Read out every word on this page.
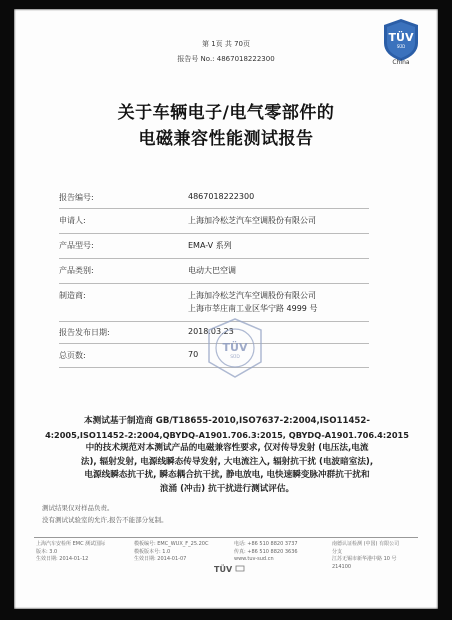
第 1页 共 70页
报告号 No.: 4867018222300
TÜV
SÜD
China
关于车辆电子/电气零部件的
电磁兼容性能测试报告
报告编号:	4867018222300
申请人:	上海加冷松芝汽车空调股份有限公司
产品型号:	EMA-V 系列
产品类别:	电动大巴空调
制造商:	上海加冷松芝汽车空调股份有限公司
上海市莘庄南工业区华宁路 4999 号
报告发布日期:	2018.03.23
总页数:	70
TÜV
SÜD
本测试基于制造商 GB/T18655-2010,ISO7637-2:2004,ISO11452-
4:2005,ISO11452-2:2004,QBYDQ-A1901.706.3:2015, QBYDQ-A1901.706.4:2015
中的技术规范对本测试产品的电磁兼容性要求, 仅对传导发射 (电压法,电流
法), 辐射发射, 电源线瞬态传导发射, 大电流注入, 辐射抗干扰 (电波暗室法),
电源线瞬态抗干扰, 瞬态耦合抗干扰, 静电放电, 电快速瞬变脉冲群抗干扰和
浪涌 (冲击) 抗干扰进行测试评估。
测试结果仅对样品负责。
没有测试试验室的允许,报告不能部分复制。
上海汽车安检所 EMC 测试国际
版本: 3.0
生效日期: 2014-01-12
模板编号: EMC_WUX_F_25.20C
模板版本号: 1.0
生效日期: 2014-01-07
电话: +86 510 8820 3737
传真: +86 510 8820 3636
www.tuv-sud.cn
南德认证检测 (中国) 有限公司
分支
江苏无锡市新华港中路 10 号
214100
TÜV
